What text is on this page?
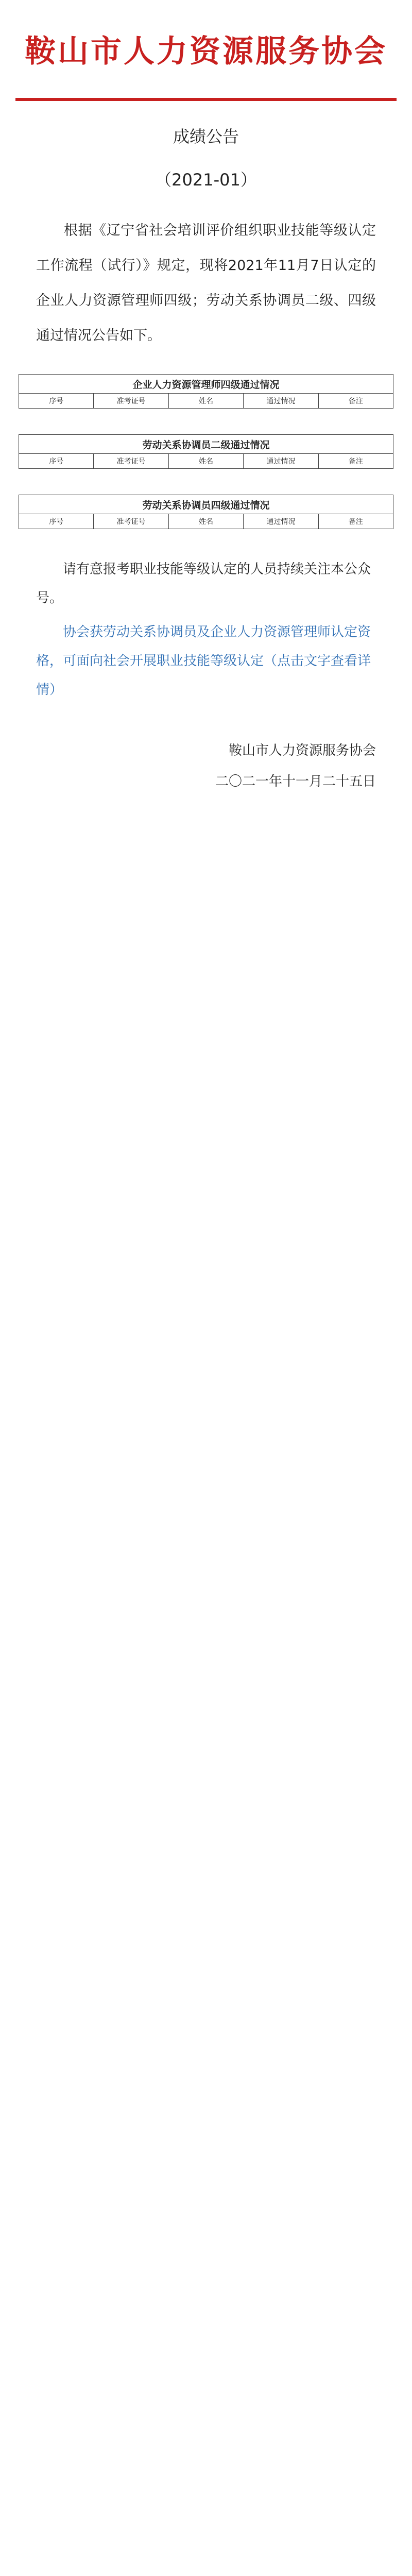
鞍山市人力资源服务协会
成绩公告
（2021-01）

根据《辽宁省社会培训评价组织职业技能等级认定工作流程（试行）》规定，现将2021年11月7日认定的企业人力资源管理师四级；劳动关系协调员二级、四级通过情况公告如下。

企业人力资源管理师四级通过情况
序号	准考证号	姓名	通过情况	备注
劳动关系协调员二级通过情况
序号	准考证号	姓名	通过情况	备注
劳动关系协调员四级通过情况
序号	准考证号	姓名	通过情况	备注

请有意报考职业技能等级认定的人员持续关注本公众号。

协会获劳动关系协调员及企业人力资源管理师认定资格，可面向社会开展职业技能等级认定（点击文字查看详情）

鞍山市人力资源服务协会
二〇二一年十一月二十五日
